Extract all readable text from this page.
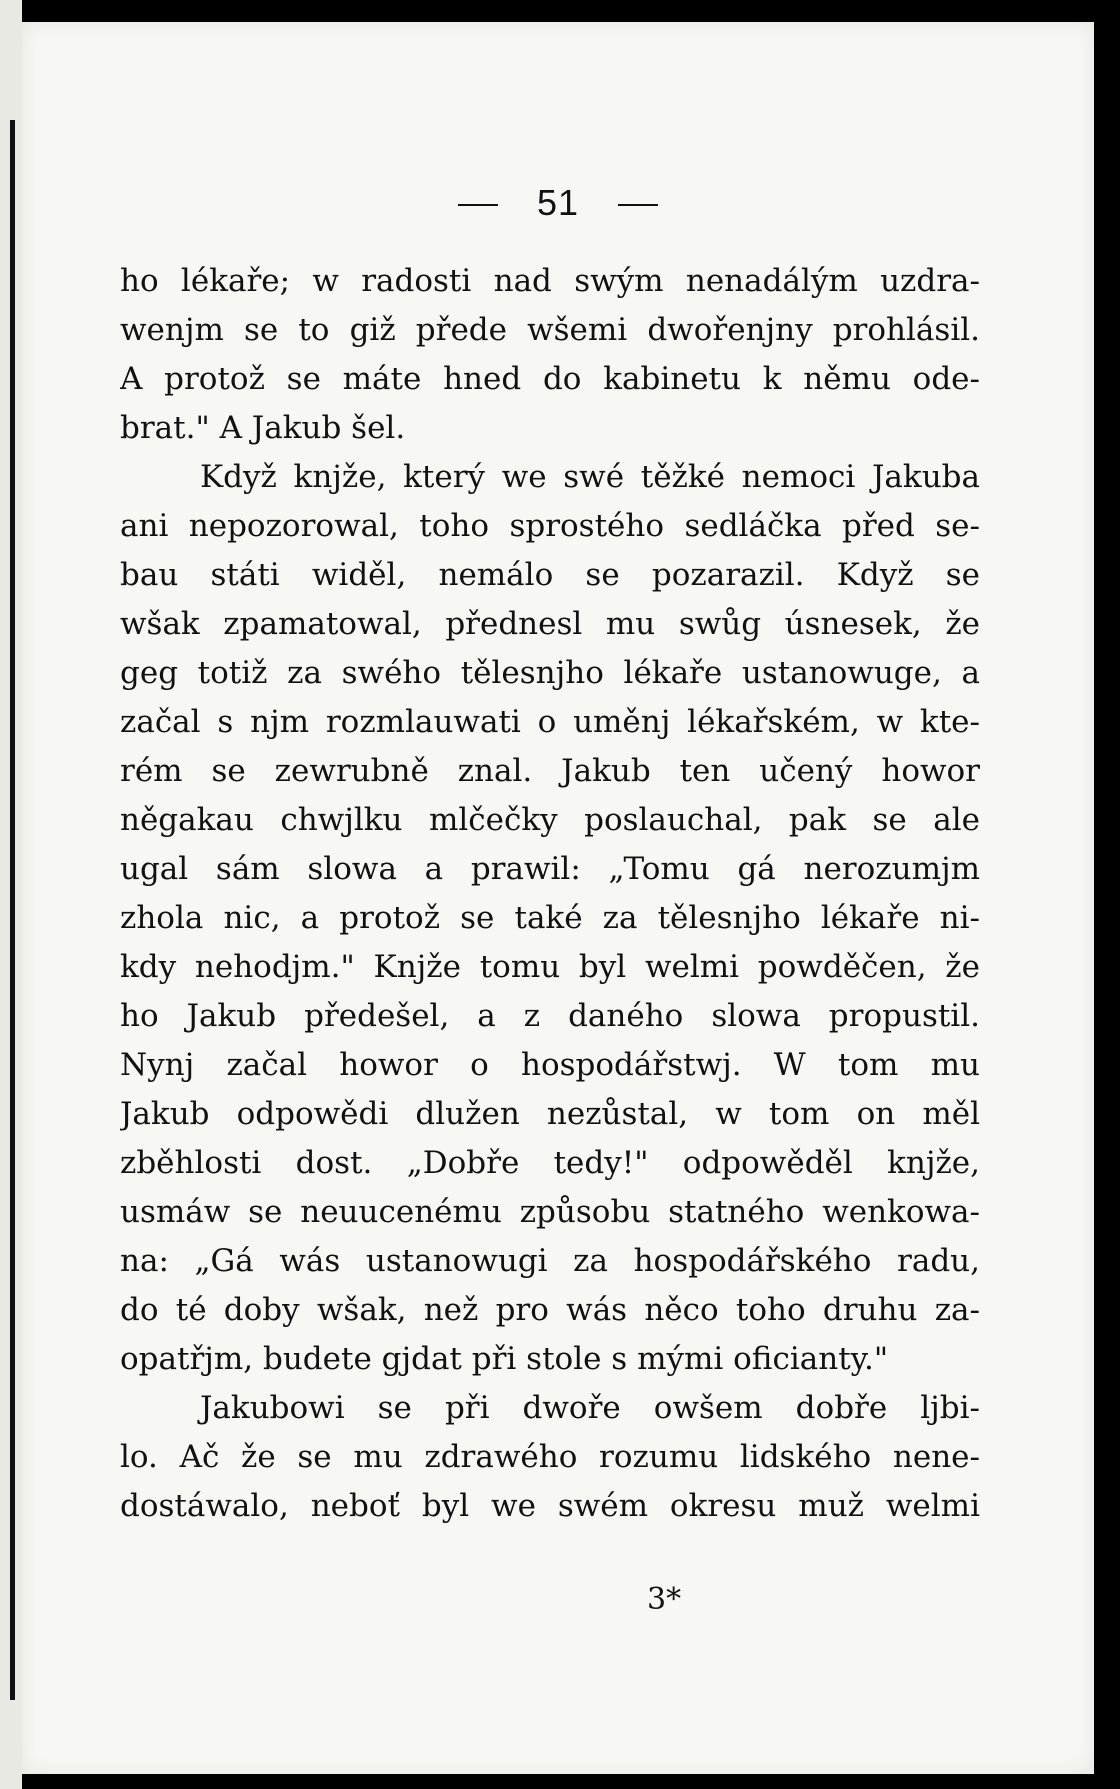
51
ho lékaře; w radosti nad swým nenadálým uzdra-
wenjm se to giž přede wšemi dwořenjny prohlásil.
A protož se máte hned do kabinetu k němu ode-
brat." A Jakub šel.
Když knjže, který we swé těžké nemoci Jakuba
ani nepozorowal, toho sprostého sedláčka před se-
bau státi widěl, nemálo se pozarazil. Když se
wšak zpamatowal, přednesl mu swůg úsnesek, že
geg totiž za swého tělesnjho lékaře ustanowuge, a
začal s njm rozmlauwati o uměnj lékařském, w kte-
rém se zewrubně znal. Jakub ten učený howor
něgakau chwjlku mlčečky poslauchal, pak se ale
ugal sám slowa a prawil: „Tomu gá nerozumjm
zhola nic, a protož se také za tělesnjho lékaře ni-
kdy nehodjm." Knjže tomu byl welmi powděčen, že
ho Jakub předešel, a z daného slowa propustil.
Nynj začal howor o hospodářstwj. W tom mu
Jakub odpowědi dlužen nezůstal, w tom on měl
zběhlosti dost. „Dobře tedy!" odpowěděl knjže,
usmáw se neuucenému způsobu statného wenkowa-
na: „Gá wás ustanowugi za hospodářského radu,
do té doby wšak, než pro wás něco toho druhu za-
opatřjm, budete gjdat při stole s mými oficianty."
Jakubowi se při dwoře owšem dobře ljbi-
lo. Ač že se mu zdrawého rozumu lidského nene-
dostáwalo, neboť byl we swém okresu muž welmi
3*
